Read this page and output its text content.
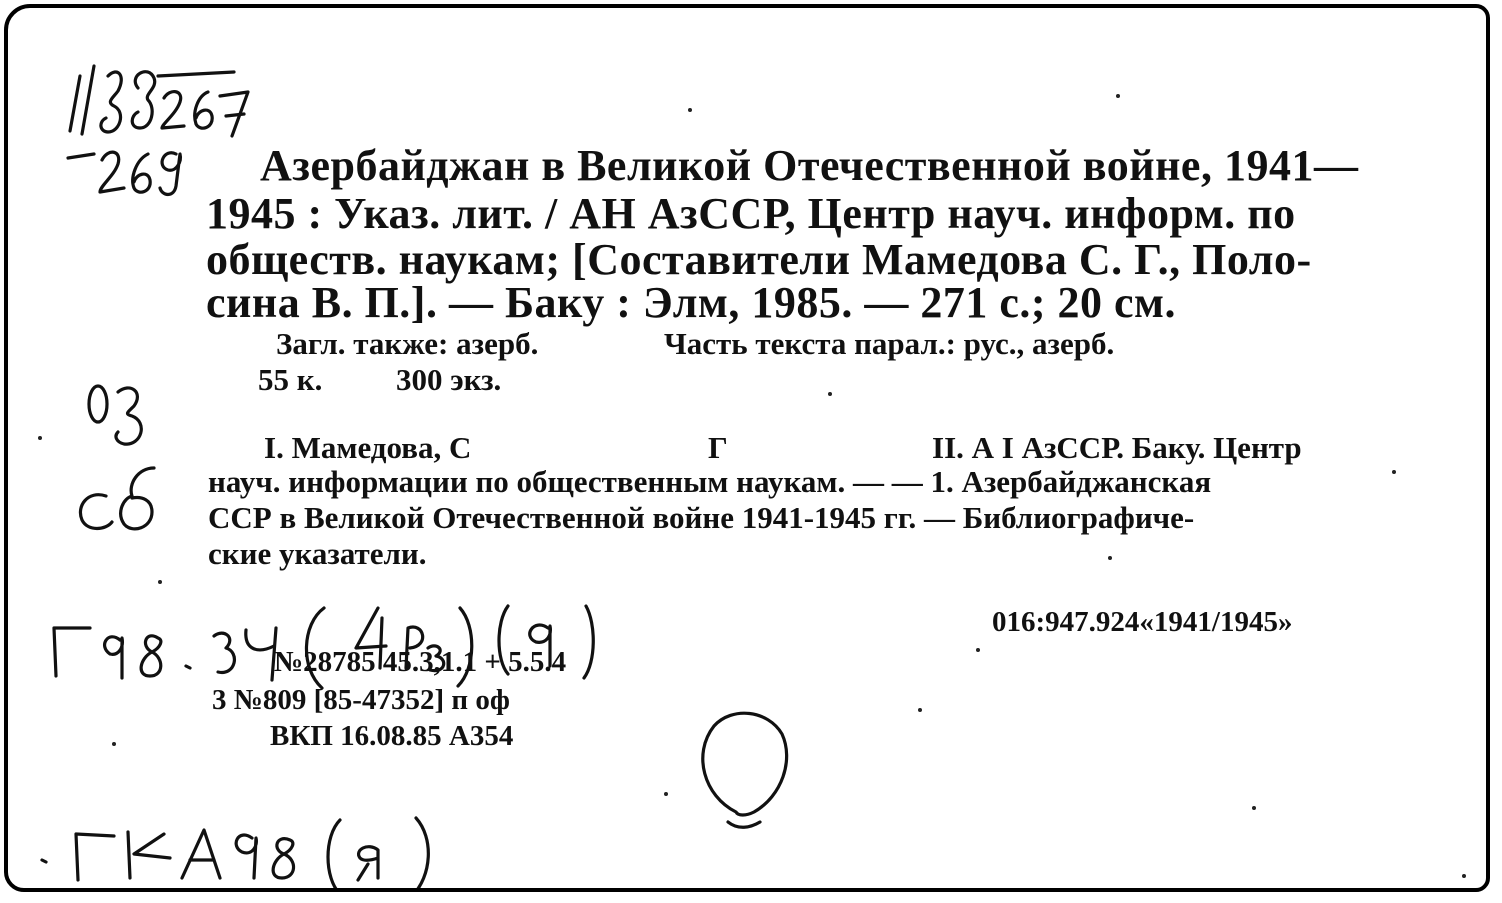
Азербайджан в Великой Отечественной войне, 1941—

1945 : Указ. лит. / АН АзССР, Центр науч. информ. по

обществ. наукам; [Составители Мамедова С. Г., Поло-

сина В. П.]. — Баку : Элм, 1985. — 271 с.; 20 см.

Загл. также: азерб.	Часть текста парал.: рус., азерб.

55 к. 300 экз.

I. Мамедова, С	Г	II. А I АзССР. Баку. Центр

науч. информации по общественным наукам. — — 1. Азербайджанская

ССР в Великой Отечественной войне 1941-1945 гг. — Библиографиче-

ские указатели.

016:947.924«1941/1945»

№28785 45.3,1.1 + 5.5.4

3 №809 [85-47352] п оф

ВКП 16.08.85 А354
